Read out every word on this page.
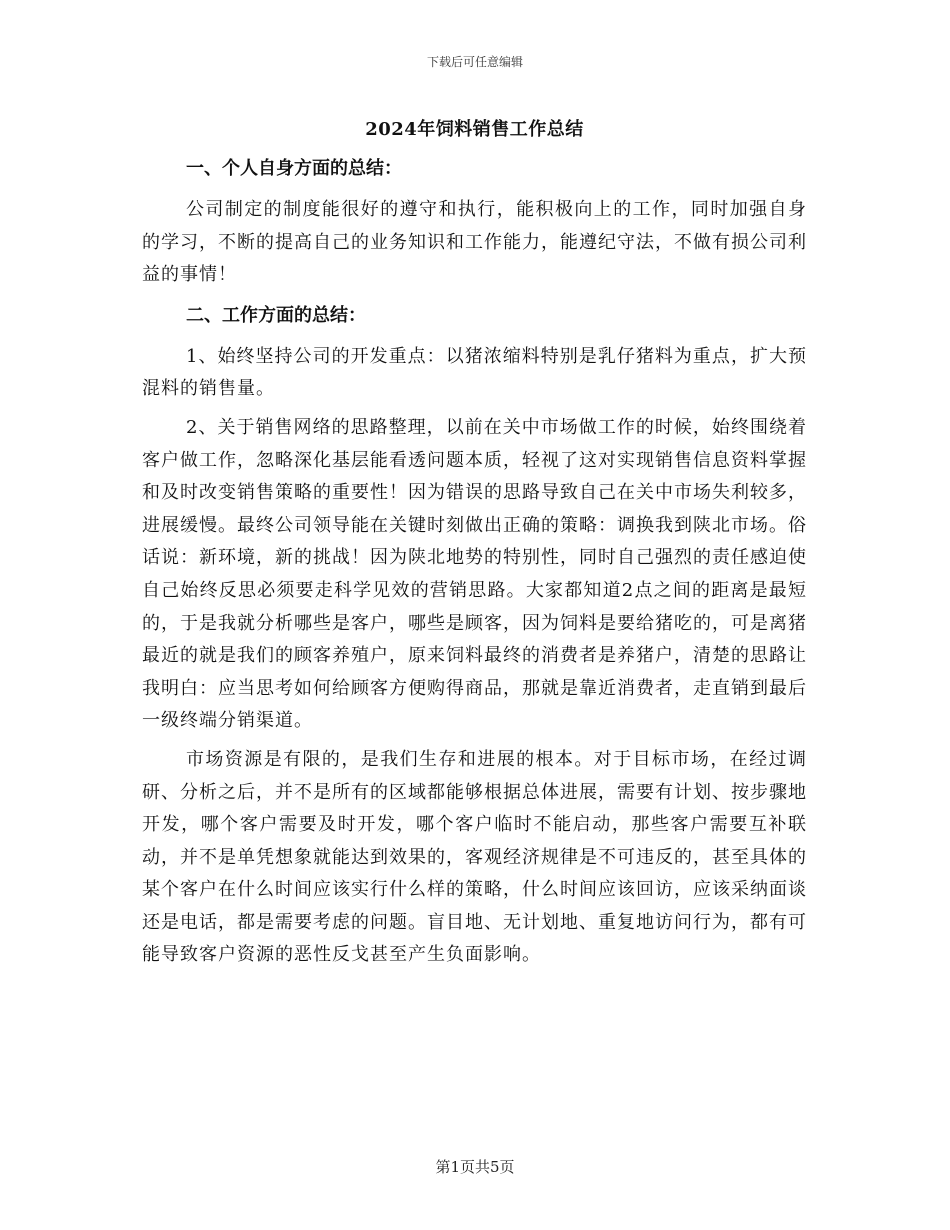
下载后可任意编辑
2024年饲料销售工作总结
一、个人自身方面的总结：

公司制定的制度能很好的遵守和执行，能积极向上的工作，同时加强自身的学习，不断的提高自己的业务知识和工作能力，能遵纪守法，不做有损公司利益的事情！

二、工作方面的总结：

1、始终坚持公司的开发重点：以猪浓缩料特别是乳仔猪料为重点，扩大预混料的销售量。

2、关于销售网络的思路整理，以前在关中市场做工作的时候，始终围绕着客户做工作，忽略深化基层能看透问题本质，轻视了这对实现销售信息资料掌握和及时改变销售策略的重要性！因为错误的思路导致自己在关中市场失利较多，进展缓慢。最终公司领导能在关键时刻做出正确的策略：调换我到陕北市场。俗话说：新环境，新的挑战！因为陕北地势的特别性，同时自己强烈的责任感迫使自己始终反思必须要走科学见效的营销思路。大家都知道2点之间的距离是最短的，于是我就分析哪些是客户，哪些是顾客，因为饲料是要给猪吃的，可是离猪最近的就是我们的顾客养殖户，原来饲料最终的消费者是养猪户，清楚的思路让我明白：应当思考如何给顾客方便购得商品，那就是靠近消费者，走直销到最后一级终端分销渠道。

市场资源是有限的，是我们生存和进展的根本。对于目标市场，在经过调研、分析之后，并不是所有的区域都能够根据总体进展，需要有计划、按步骤地开发，哪个客户需要及时开发，哪个客户临时不能启动，那些客户需要互补联动，并不是单凭想象就能达到效果的，客观经济规律是不可违反的，甚至具体的某个客户在什么时间应该实行什么样的策略，什么时间应该回访，应该采纳面谈还是电话，都是需要考虑的问题。盲目地、无计划地、重复地访问行为，都有可能导致客户资源的恶性反戈甚至产生负面影响。

第1页共5页
